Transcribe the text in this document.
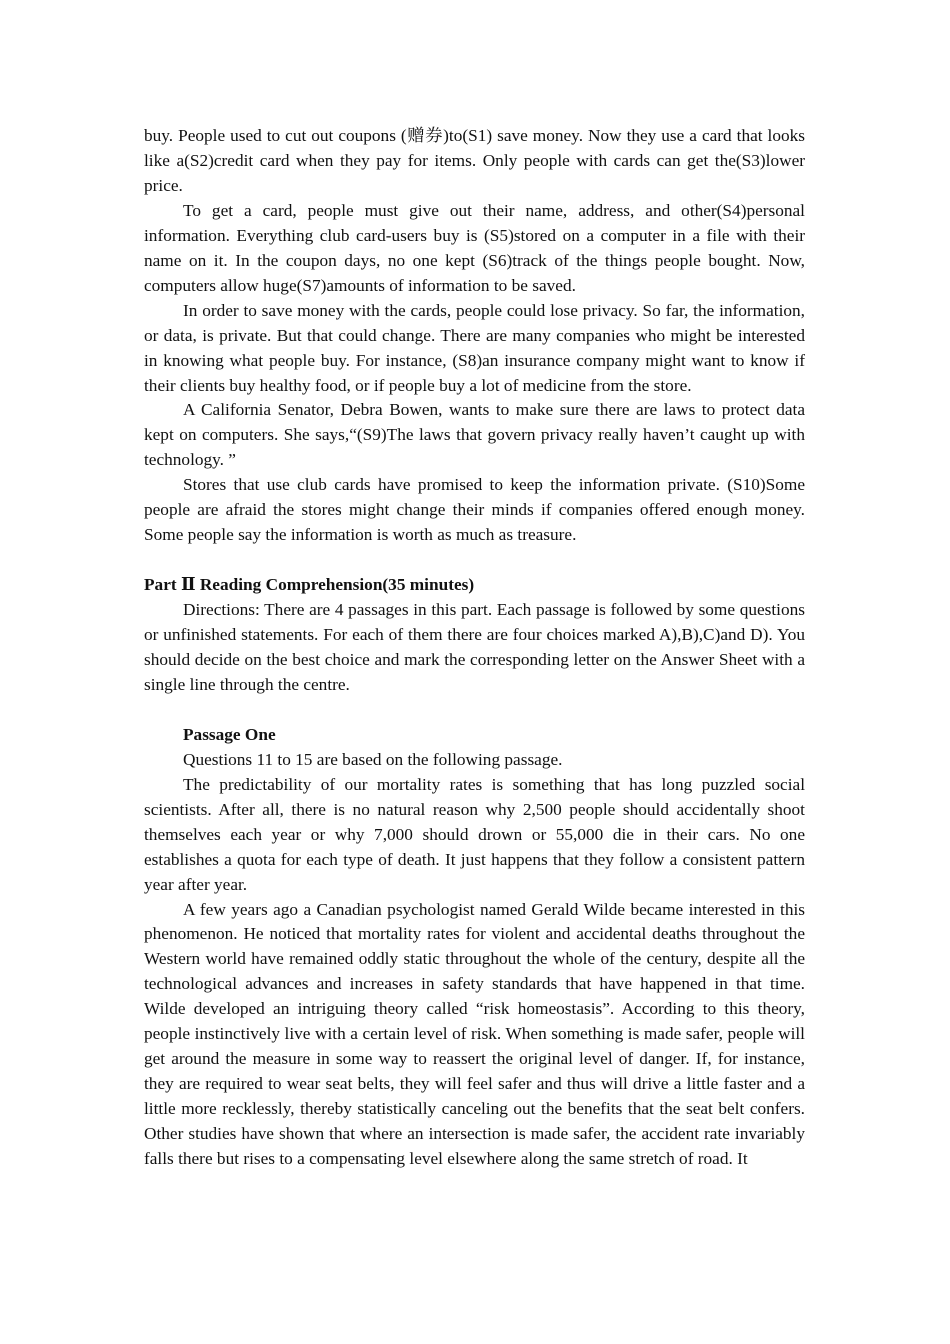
buy. People used to cut out coupons (赠券)to(S1) save money. Now they use a card that looks like a(S2)credit card when they pay for items. Only people with cards can get the(S3)lower price.

To get a card, people must give out their name, address, and other(S4)personal information. Everything club card-users buy is (S5)stored on a computer in a file with their name on it. In the coupon days, no one kept (S6)track of the things people bought. Now, computers allow huge(S7)amounts of information to be saved.

In order to save money with the cards, people could lose privacy. So far, the information, or data, is private. But that could change. There are many companies who might be interested in knowing what people buy. For instance, (S8)an insurance company might want to know if their clients buy healthy food, or if people buy a lot of medicine from the store.

A California Senator, Debra Bowen, wants to make sure there are laws to protect data kept on computers. She says,“(S9)The laws that govern privacy really haven’t caught up with technology. ”

Stores that use club cards have promised to keep the information private. (S10)Some people are afraid the stores might change their minds if companies offered enough money. Some people say the information is worth as much as treasure.

Part Ⅱ Reading Comprehension(35 minutes)

Directions: There are 4 passages in this part. Each passage is followed by some questions or unfinished statements. For each of them there are four choices marked A),B),C)and D). You should decide on the best choice and mark the corresponding letter on the Answer Sheet with a single line through the centre.

Passage One

Questions 11 to 15 are based on the following passage.

The predictability of our mortality rates is something that has long puzzled social scientists. After all, there is no natural reason why 2,500 people should accidentally shoot themselves each year or why 7,000 should drown or 55,000 die in their cars. No one establishes a quota for each type of death. It just happens that they follow a consistent pattern year after year.

A few years ago a Canadian psychologist named Gerald Wilde became interested in this phenomenon. He noticed that mortality rates for violent and accidental deaths throughout the Western world have remained oddly static throughout the whole of the century, despite all the technological advances and increases in safety standards that have happened in that time. Wilde developed an intriguing theory called “risk homeostasis”. According to this theory, people instinctively live with a certain level of risk. When something is made safer, people will get around the measure in some way to reassert the original level of danger. If, for instance, they are required to wear seat belts, they will feel safer and thus will drive a little faster and a little more recklessly, thereby statistically canceling out the benefits that the seat belt confers. Other studies have shown that where an intersection is made safer, the accident rate invariably falls there but rises to a compensating level elsewhere along the same stretch of road. It
